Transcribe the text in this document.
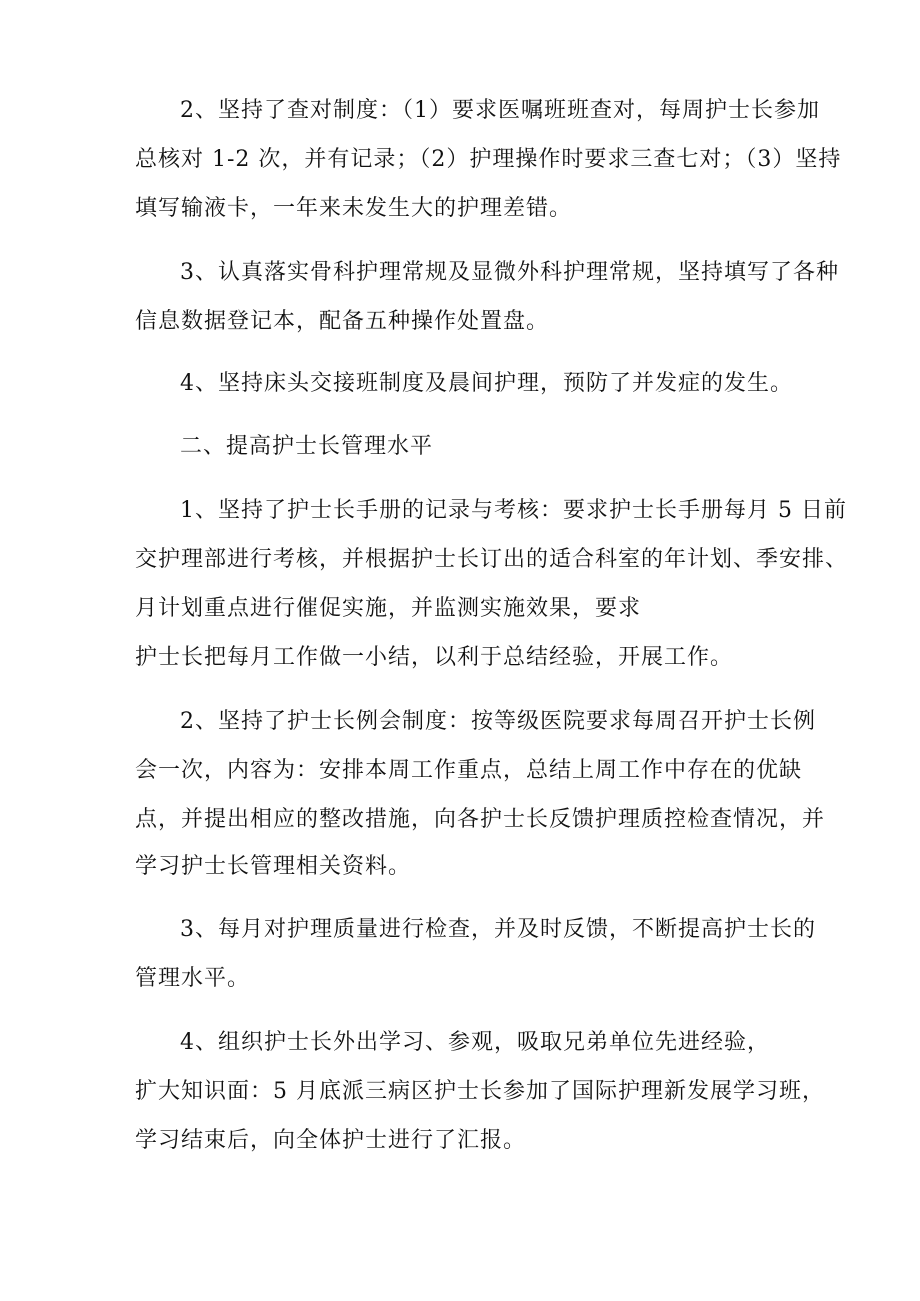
2、坚持了查对制度：（1）要求医嘱班班查对，每周护士长参加
总核对 1-2 次，并有记录；（2）护理操作时要求三查七对；（3）坚持
填写输液卡，一年来未发生大的护理差错。
3、认真落实骨科护理常规及显微外科护理常规，坚持填写了各种
信息数据登记本，配备五种操作处置盘。
4、坚持床头交接班制度及晨间护理，预防了并发症的发生。
二、提高护士长管理水平
1、坚持了护士长手册的记录与考核：要求护士长手册每月 5 日前
交护理部进行考核，并根据护士长订出的适合科室的年计划、季安排、
月计划重点进行催促实施，并监测实施效果，要求
护士长把每月工作做一小结，以利于总结经验，开展工作。
2、坚持了护士长例会制度：按等级医院要求每周召开护士长例
会一次，内容为：安排本周工作重点，总结上周工作中存在的优缺
点，并提出相应的整改措施，向各护士长反馈护理质控检查情况，并
学习护士长管理相关资料。
3、每月对护理质量进行检查，并及时反馈，不断提高护士长的
管理水平。
4、组织护士长外出学习、参观，吸取兄弟单位先进经验，
扩大知识面：5 月底派三病区护士长参加了国际护理新发展学习班，
学习结束后，向全体护士进行了汇报。
